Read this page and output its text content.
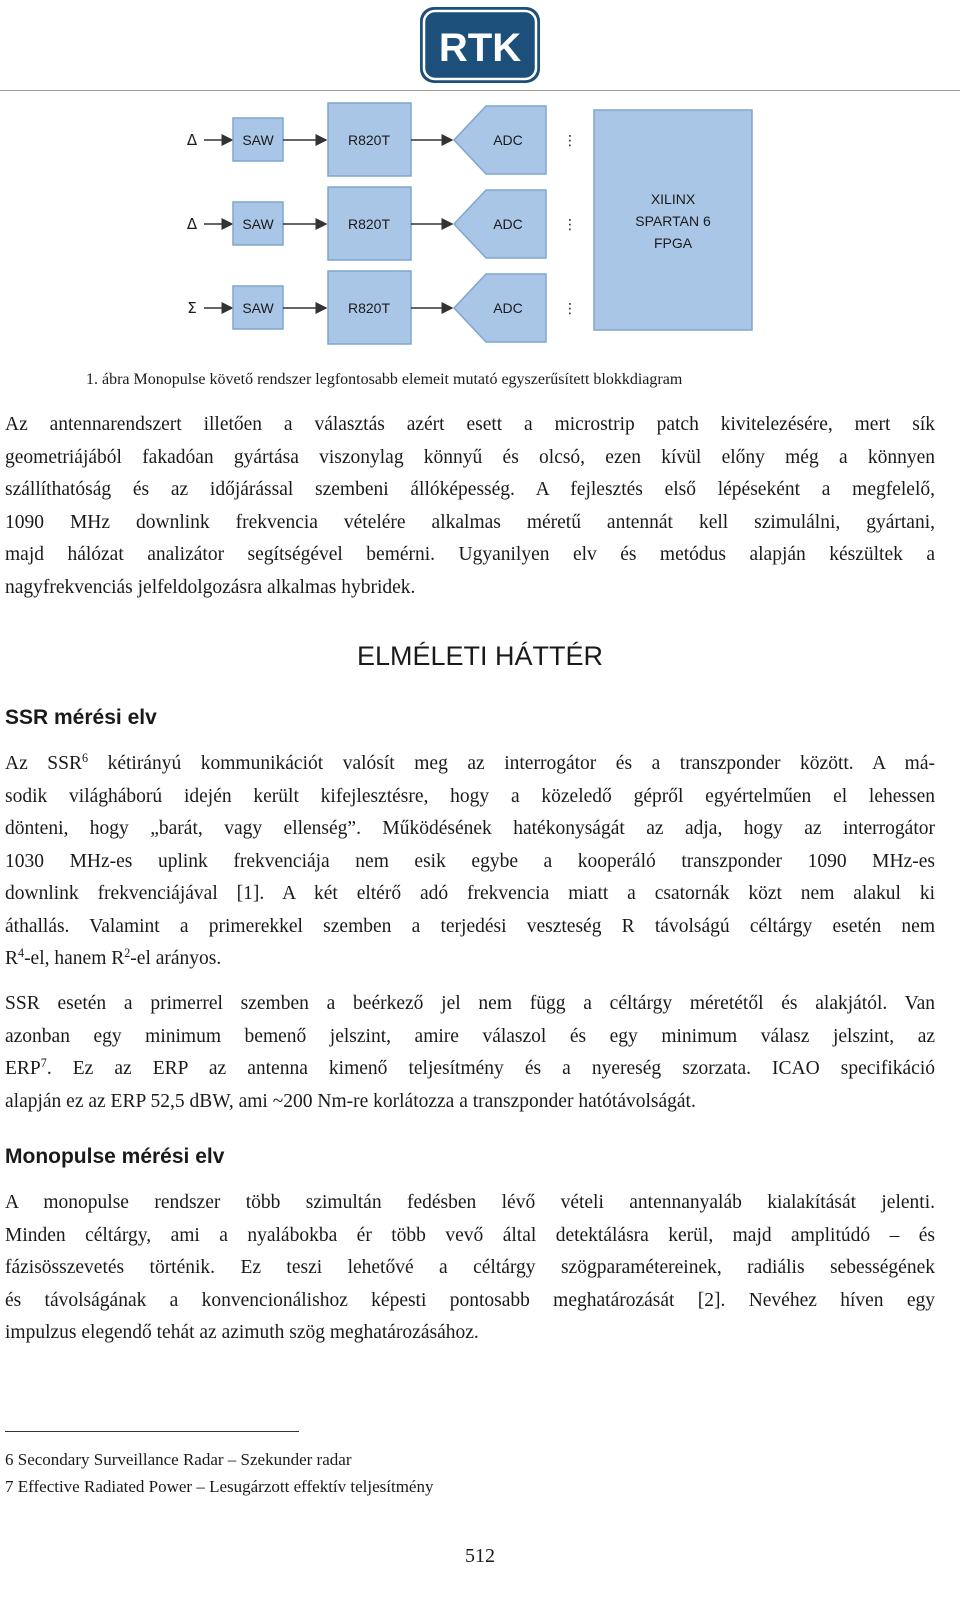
RTK
XILINX
SPARTAN 6
FPGA
Δ	SAW	R820T	ADC	⋮
Δ	SAW	R820T	ADC	⋮
Σ	SAW	R820T	ADC	⋮
1. ábra Monopulse követő rendszer legfontosabb elemeit mutató egyszerűsített blokkdiagram
Az antennarendszert illetően a választás azért esett a microstrip patch kivitelezésére, mert sík
geometriájából fakadóan gyártása viszonylag könnyű és olcsó, ezen kívül előny még a könnyen
szállíthatóság és az időjárással szembeni állóképesség. A fejlesztés első lépéseként a megfelelő,
1090 MHz downlink frekvencia vételére alkalmas méretű antennát kell szimulálni, gyártani,
majd hálózat analizátor segítségével bemérni. Ugyanilyen elv és metódus alapján készültek a
nagyfrekvenciás jelfeldolgozásra alkalmas hybridek.
ELMÉLETI HÁTTÉR
SSR mérési elv
Az SSR$^6$ kétirányú kommunikációt valósít meg az interrogátor és a transzponder között. A má-
sodik világháború idején került kifejlesztésre, hogy a közeledő gépről egyértelműen el lehessen
dönteni, hogy „barát, vagy ellenség”. Működésének hatékonyságát az adja, hogy az interrogátor
1030 MHz-es uplink frekvenciája nem esik egybe a kooperáló transzponder 1090 MHz-es
downlink frekvenciájával [1]. A két eltérő adó frekvencia miatt a csatornák közt nem alakul ki
áthallás. Valamint a primerekkel szemben a terjedési veszteség R távolságú céltárgy esetén nem
$R^4-el$, hanem $R^2-el$ arányos.
SSR esetén a primerrel szemben a beérkező jel nem függ a céltárgy méretétől és alakjától. Van
azonban egy minimum bemenő jelszint, amire válaszol és egy minimum válasz jelszint, az
ERP$^7$. Ez az ERP az antenna kimenő teljesítmény és a nyereség szorzata. ICAO specifikáció
alapján ez az ERP 52,5 dBW, ami ~200 Nm-re korlátozza a transzponder hatótávolságát.
Monopulse mérési elv
A monopulse rendszer több szimultán fedésben lévő vételi antennanyaláb kialakítását jelenti.
Minden céltárgy, ami a nyalábokba ér több vevő által detektálásra kerül, majd amplitúdó – és
fázisösszevetés történik. Ez teszi lehetővé a céltárgy szögparamétereinek, radiális sebességének
és távolságának a konvencionálishoz képesti pontosabb meghatározását [2]. Nevéhez híven egy
impulzus elegendő tehát az azimuth szög meghatározásához.
6 Secondary Surveillance Radar – Szekunder radar
7 Effective Radiated Power – Lesugárzott effektív teljesítmény
512
